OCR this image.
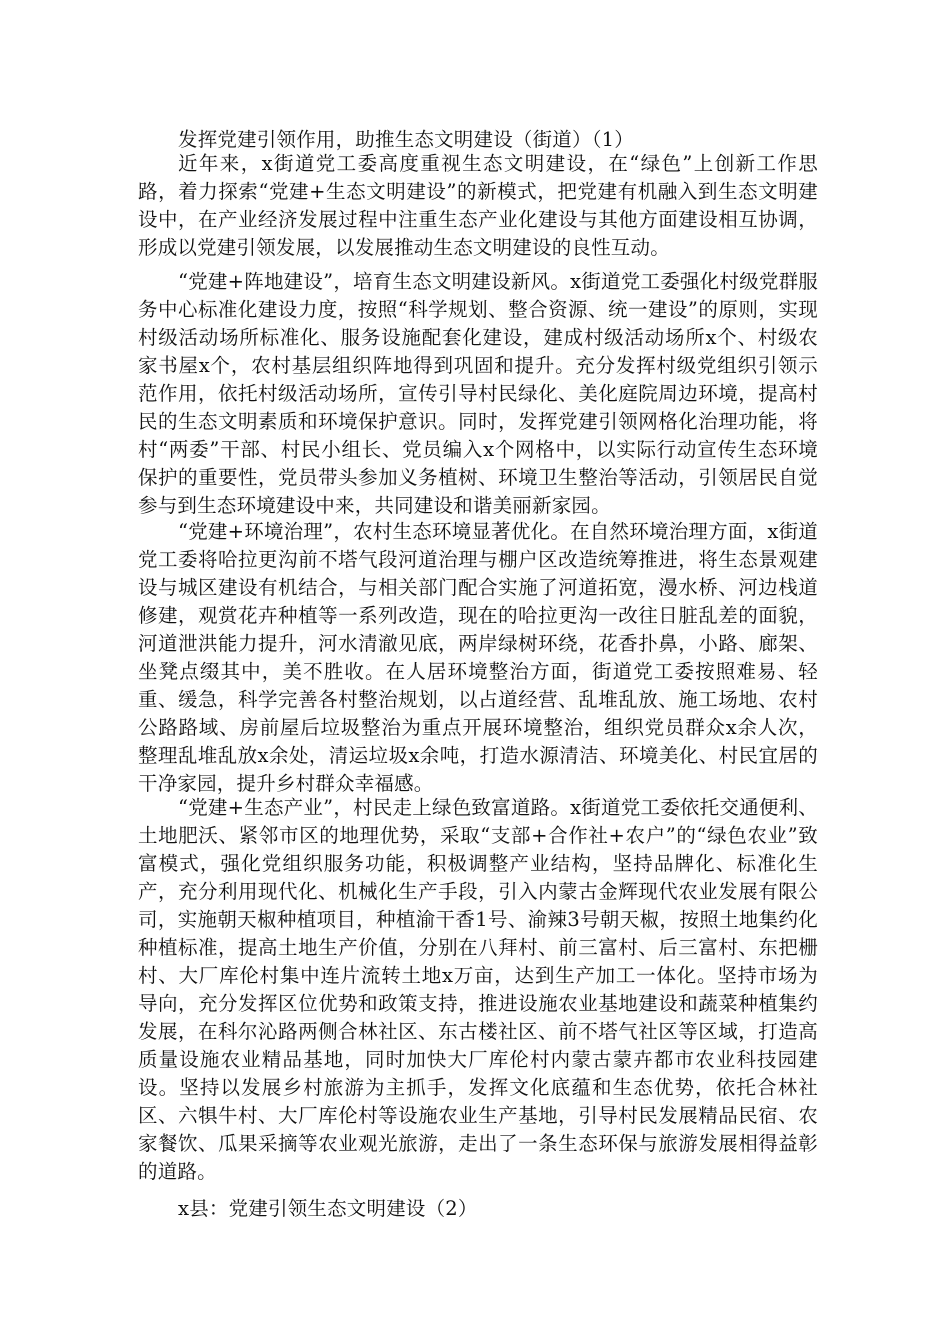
发挥党建引领作用，助推生态文明建设（街道）（1）

近年来，x街道党工委高度重视生态文明建设，在“绿色”上创新工作思路，着力探索“党建+生态文明建设”的新模式，把党建有机融入到生态文明建设中，在产业经济发展过程中注重生态产业化建设与其他方面建设相互协调，形成以党建引领发展，以发展推动生态文明建设的良性互动。

“党建+阵地建设”，培育生态文明建设新风。x街道党工委强化村级党群服务中心标准化建设力度，按照“科学规划、整合资源、统一建设”的原则，实现村级活动场所标准化、服务设施配套化建设，建成村级活动场所x个、村级农家书屋x个，农村基层组织阵地得到巩固和提升。充分发挥村级党组织引领示范作用，依托村级活动场所，宣传引导村民绿化、美化庭院周边环境，提高村民的生态文明素质和环境保护意识。同时，发挥党建引领网格化治理功能，将村“两委”干部、村民小组长、党员编入x个网格中，以实际行动宣传生态环境保护的重要性，党员带头参加义务植树、环境卫生整治等活动，引领居民自觉参与到生态环境建设中来，共同建设和谐美丽新家园。

“党建+环境治理”，农村生态环境显著优化。在自然环境治理方面，x街道党工委将哈拉更沟前不塔气段河道治理与棚户区改造统筹推进，将生态景观建设与城区建设有机结合，与相关部门配合实施了河道拓宽，漫水桥、河边栈道修建，观赏花卉种植等一系列改造，现在的哈拉更沟一改往日脏乱差的面貌，河道泄洪能力提升，河水清澈见底，两岸绿树环绕，花香扑鼻，小路、廊架、坐凳点缀其中，美不胜收。在人居环境整治方面，街道党工委按照难易、轻重、缓急，科学完善各村整治规划，以占道经营、乱堆乱放、施工场地、农村公路路域、房前屋后垃圾整治为重点开展环境整治，组织党员群众x余人次，整理乱堆乱放x余处，清运垃圾x余吨，打造水源清洁、环境美化、村民宜居的干净家园，提升乡村群众幸福感。

“党建+生态产业”，村民走上绿色致富道路。x街道党工委依托交通便利、土地肥沃、紧邻市区的地理优势，采取“支部+合作社+农户”的“绿色农业”致富模式，强化党组织服务功能，积极调整产业结构，坚持品牌化、标准化生产，充分利用现代化、机械化生产手段，引入内蒙古金辉现代农业发展有限公司，实施朝天椒种植项目，种植渝干香1号、渝辣3号朝天椒，按照土地集约化种植标准，提高土地生产价值，分别在八拜村、前三富村、后三富村、东把栅村、大厂库伦村集中连片流转土地x万亩，达到生产加工一体化。坚持市场为导向，充分发挥区位优势和政策支持，推进设施农业基地建设和蔬菜种植集约发展，在科尔沁路两侧合林社区、东古楼社区、前不塔气社区等区域，打造高质量设施农业精品基地，同时加快大厂库伦村内蒙古蒙卉都市农业科技园建设。坚持以发展乡村旅游为主抓手，发挥文化底蕴和生态优势，依托合林社区、六犋牛村、大厂库伦村等设施农业生产基地，引导村民发展精品民宿、农家餐饮、瓜果采摘等农业观光旅游，走出了一条生态环保与旅游发展相得益彰的道路。

x县：党建引领生态文明建设（2）
